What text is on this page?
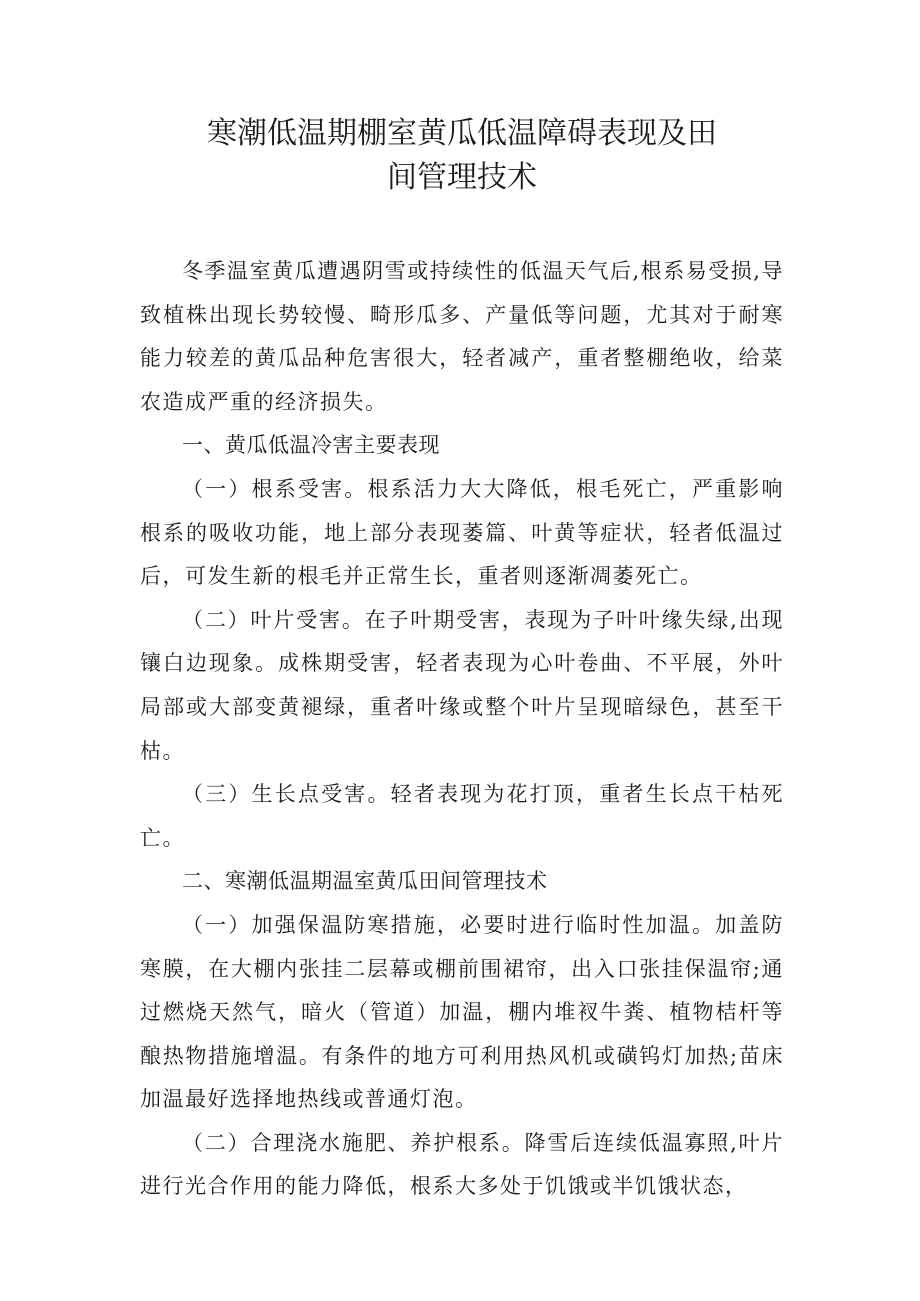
寒潮低温期棚室黄瓜低温障碍表现及田
间管理技术

冬季温室黄瓜遭遇阴雪或持续性的低温天气后,根系易受损,导致植株出现长势较慢、畸形瓜多、产量低等问题，尤其对于耐寒能力较差的黄瓜品种危害很大，轻者减产，重者整棚绝收，给菜农造成严重的经济损失。

一、黄瓜低温冷害主要表现

（一）根系受害。根系活力大大降低，根毛死亡，严重影响根系的吸收功能，地上部分表现萎篇、叶黄等症状，轻者低温过后，可发生新的根毛并正常生长，重者则逐渐凋萎死亡。

（二）叶片受害。在子叶期受害，表现为子叶叶缘失绿,出现镶白边现象。成株期受害，轻者表现为心叶卷曲、不平展，外叶局部或大部变黄褪绿，重者叶缘或整个叶片呈现暗绿色，甚至干枯。

（三）生长点受害。轻者表现为花打顶，重者生长点干枯死亡。

二、寒潮低温期温室黄瓜田间管理技术

（一）加强保温防寒措施，必要时进行临时性加温。加盖防寒膜，在大棚内张挂二层幕或棚前围裙帘，出入口张挂保温帘;通过燃烧天然气，暗火（管道）加温，棚内堆衩牛粪、植物桔杆等酿热物措施增温。有条件的地方可利用热风机或磺钨灯加热;苗床加温最好选择地热线或普通灯泡。

（二）合理浇水施肥、养护根系。降雪后连续低温寡照,叶片进行光合作用的能力降低，根系大多处于饥饿或半饥饿状态，
